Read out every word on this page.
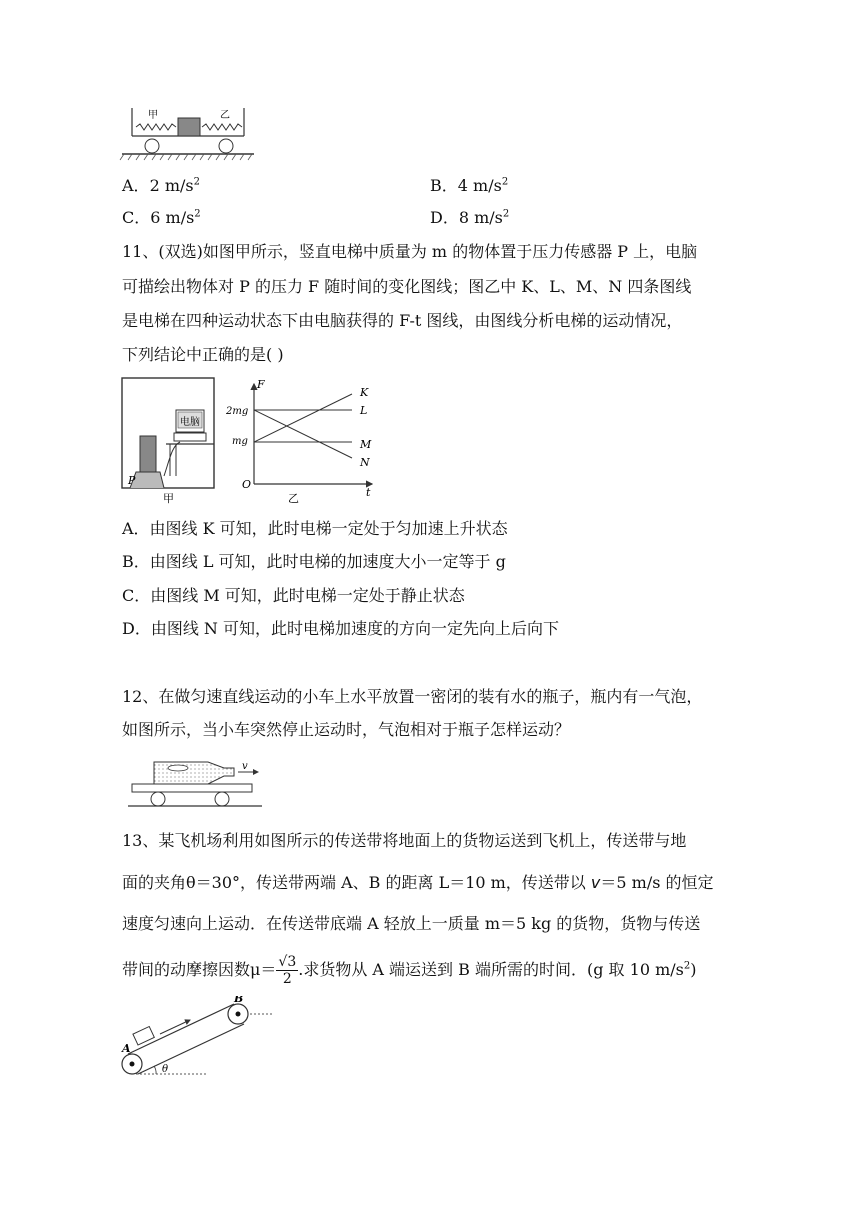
甲	乙
A．2 $m/s^2$	B．4 $m/s^2$
C．6 $m/s^2$	D．8 $m/s^2$
11、(双选)如图甲所示，竖直电梯中质量为 m 的物体置于压力传感器 P 上，电脑
可描绘出物体对 P 的压力 F 随时间的变化图线；图乙中 K、L、M、N 四条图线
是电梯在四种运动状态下由电脑获得的 F-t 图线，由图线分析电梯的运动情况，
下列结论中正确的是( )
电脑
P
甲
F
t
O
2mg
mg
K
L
M
N
乙
A．由图线 K 可知，此时电梯一定处于匀加速上升状态
B．由图线 L 可知，此时电梯的加速度大小一定等于 g
C．由图线 M 可知，此时电梯一定处于静止状态
D．由图线 N 可知，此时电梯加速度的方向一定先向上后向下
12、在做匀速直线运动的小车上水平放置一密闭的装有水的瓶子，瓶内有一气泡，
如图所示，当小车突然停止运动时，气泡相对于瓶子怎样运动？
v
13、某飞机场利用如图所示的传送带将地面上的货物运送到飞机上，传送带与地
面的夹角θ＝30°，传送带两端 A、B 的距离 L＝10 m，传送带以 v＝5 m/s 的恒定
速度匀速向上运动．在传送带底端 A 轻放上一质量 m＝5 kg 的货物，货物与传送
带间的动摩擦因数$\mu= \frac{√3}{2}$ .求货物从 A 端运送到 B 端所需的时间．(g 取 10 $m/s^2$)
A
B
θ
